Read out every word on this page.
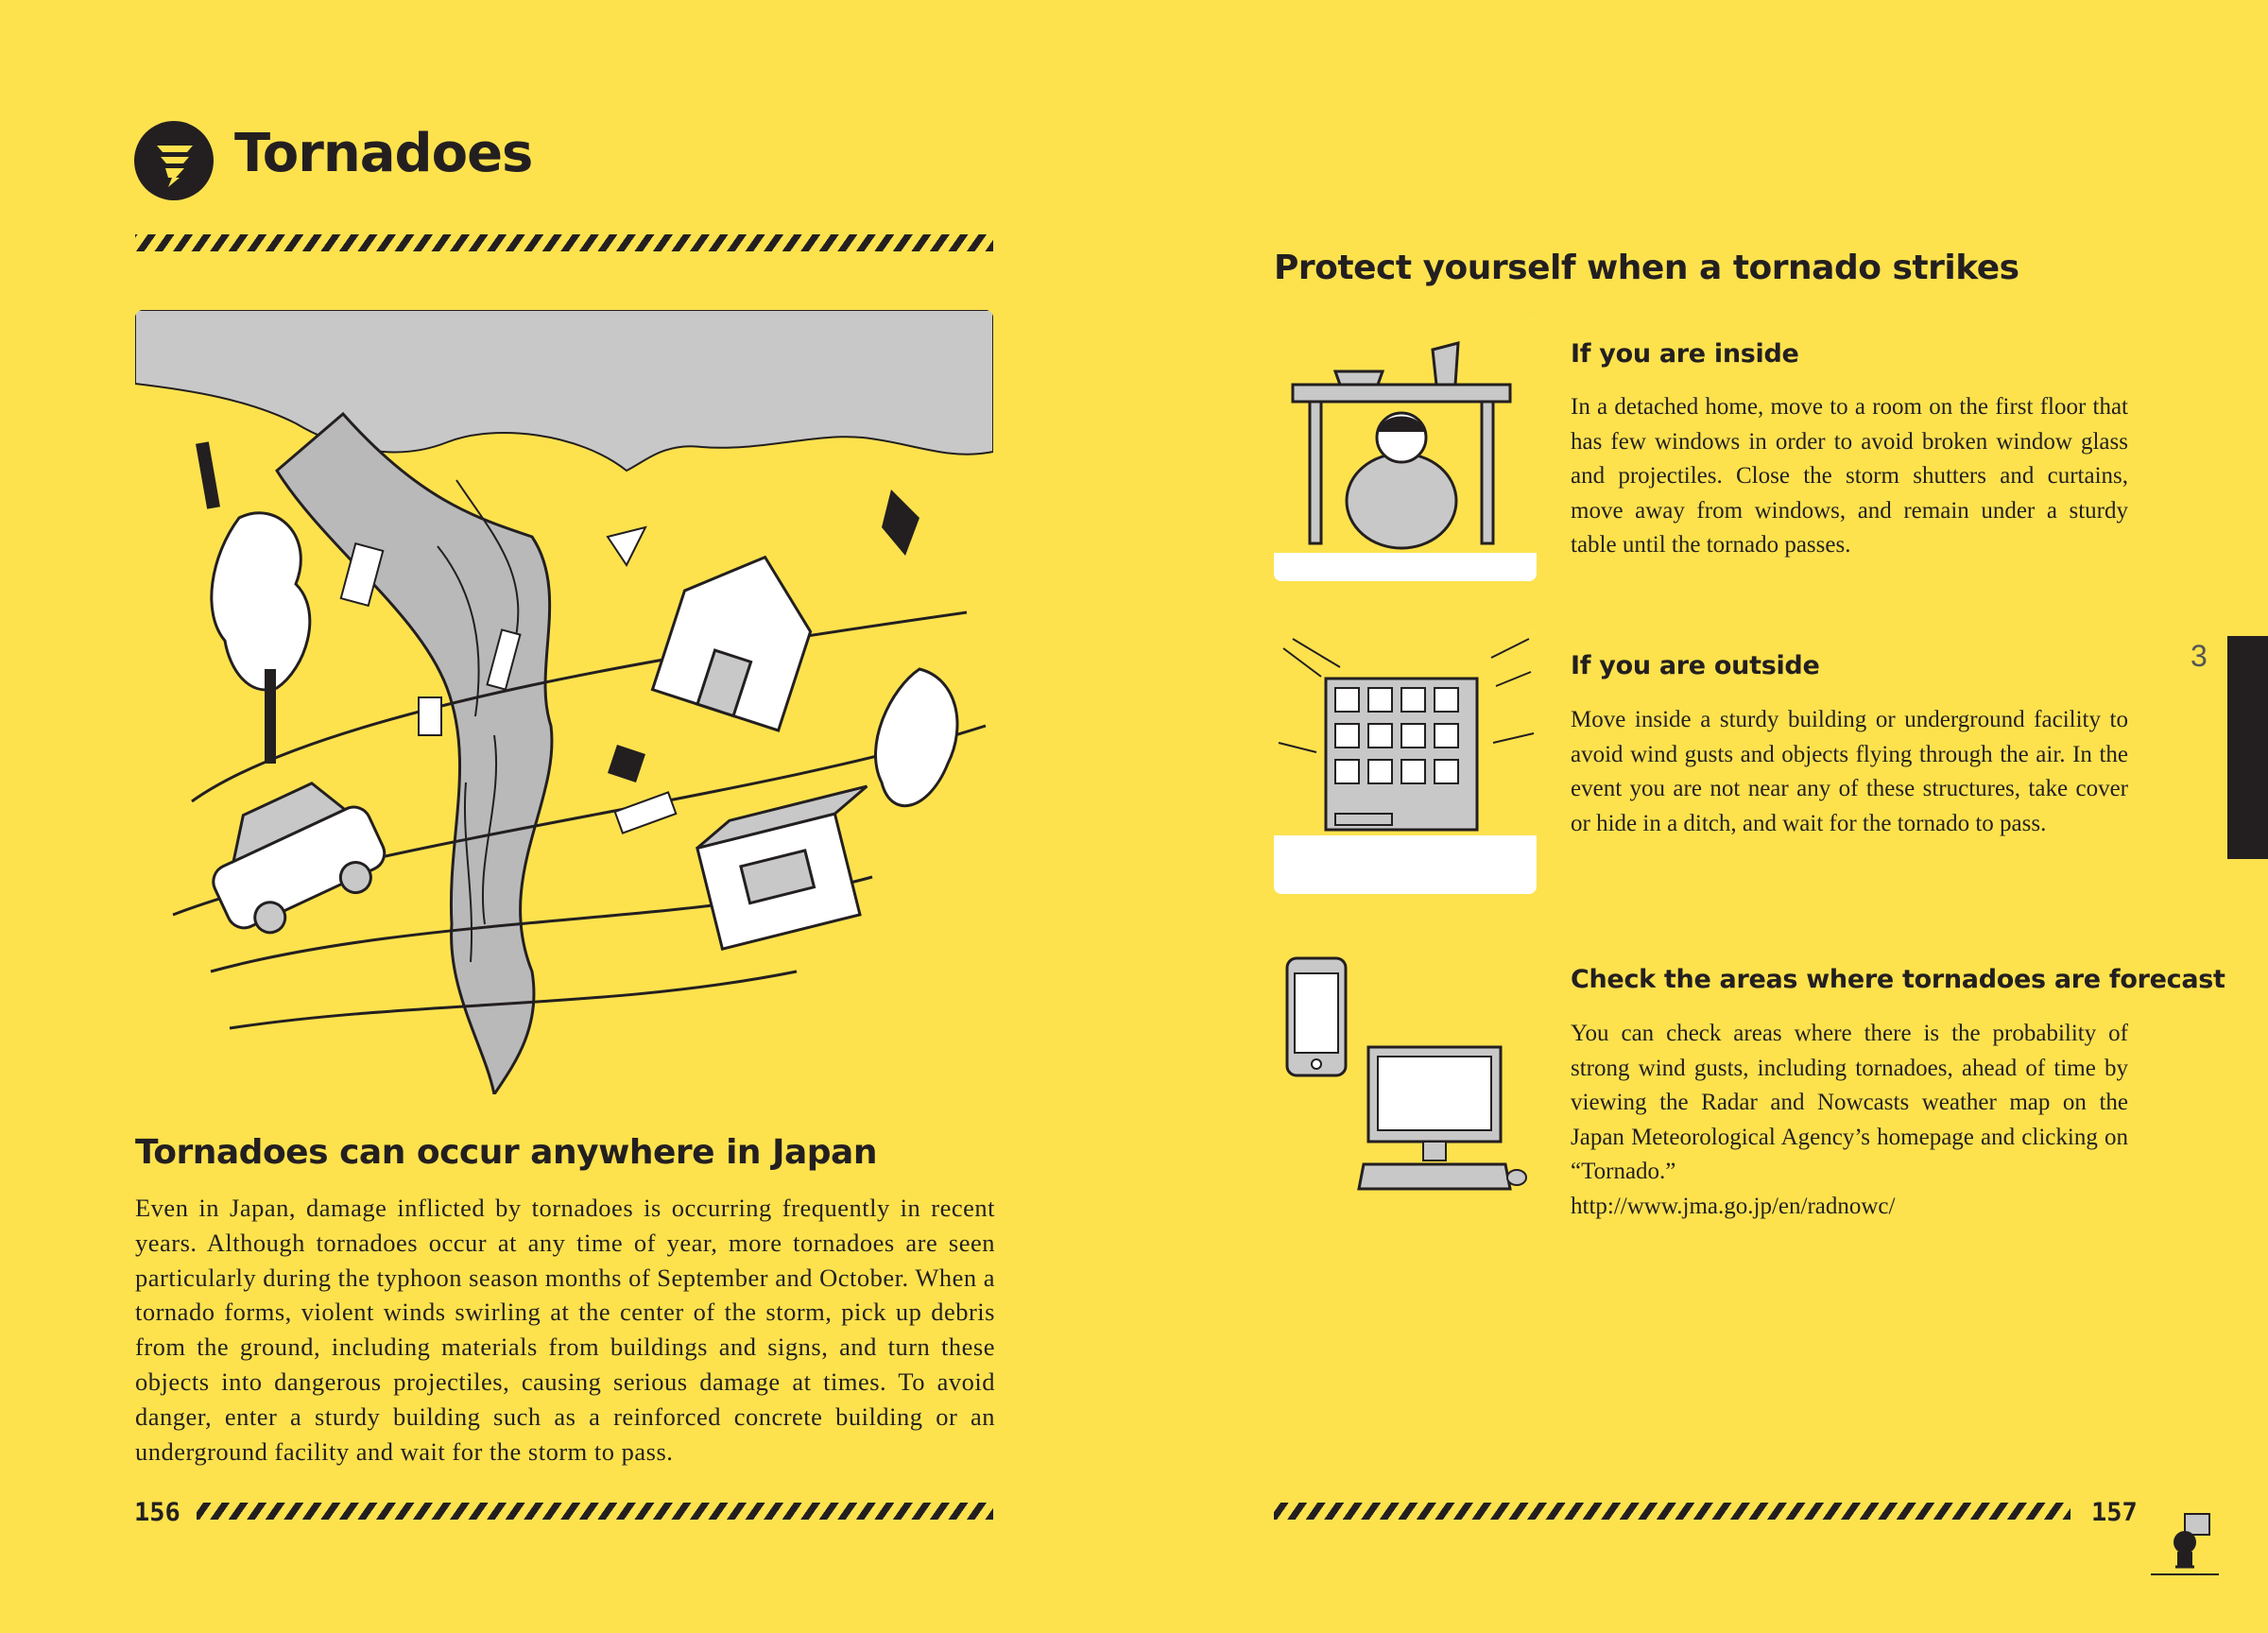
Tornadoes
Tornadoes can occur anywhere in Japan
Even in Japan, damage inflicted by tornadoes is occurring frequently in recent years. Although tornadoes occur at any time of year, more tornadoes are seen particularly during the typhoon season months of September and October. When a tornado forms, violent winds swirling at the center of the storm, pick up debris from the ground, including materials from buildings and signs, and turn these objects into dangerous projectiles, causing serious damage at times. To avoid danger, enter a sturdy building such as a reinforced concrete building or an underground facility and wait for the storm to pass.
156
Protect yourself when a tornado strikes
If you are inside
In a detached home, move to a room on the first floor that has few windows in order to avoid broken window glass and projectiles. Close the storm shutters and curtains, move away from windows, and remain under a sturdy table until the tornado passes.
If you are outside
Move inside a sturdy building or underground facility to avoid wind gusts and objects flying through the air. In the event you are not near any of these structures, take cover or hide in a ditch, and wait for the tornado to pass.
Check the areas where tornadoes are forecast
You can check areas where there is the probability of strong wind gusts, including tornadoes, ahead of time by viewing the Radar and Nowcasts weather map on the Japan Meteorological Agency’s homepage and clicking on “Tornado.”
http://www.jma.go.jp/en/radnowc/
3
157
